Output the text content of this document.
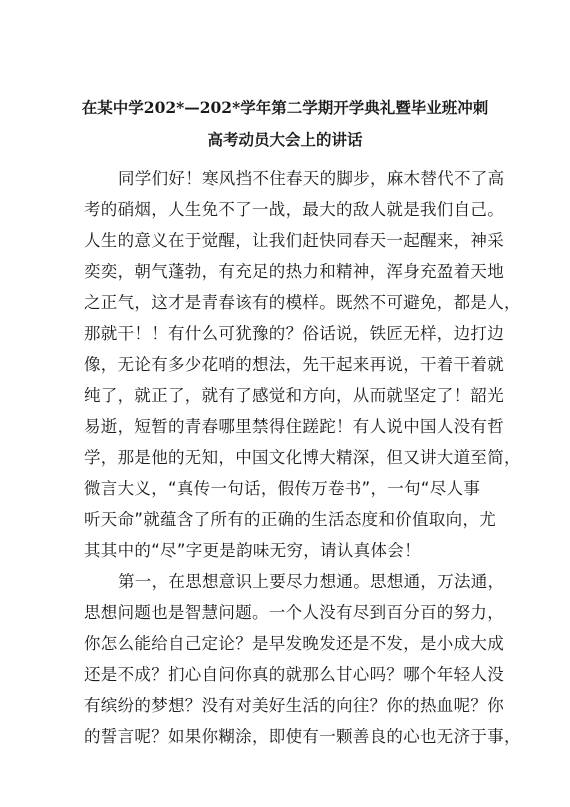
在某中学202*—202*学年第二学期开学典礼暨毕业班冲刺
高考动员大会上的讲话
同学们好！寒风挡不住春天的脚步，麻木替代不了高
考的硝烟，人生免不了一战，最大的敌人就是我们自己。
人生的意义在于觉醒，让我们赶快同春天一起醒来，神采
奕奕，朝气蓬勃，有充足的热力和精神，浑身充盈着天地
之正气，这才是青春该有的模样。既然不可避免，都是人，
那就干！！有什么可犹豫的？俗话说，铁匠无样，边打边
像，无论有多少花哨的想法，先干起来再说，干着干着就
纯了，就正了，就有了感觉和方向，从而就坚定了！韶光
易逝，短暂的青春哪里禁得住蹉跎！有人说中国人没有哲
学，那是他的无知，中国文化博大精深，但又讲大道至简，
微言大义，“真传一句话，假传万卷书”，一句“尽人事
听天命”就蕴含了所有的正确的生活态度和价值取向，尤
其其中的“尽”字更是韵味无穷，请认真体会！
第一，在思想意识上要尽力想通。思想通，万法通，
思想问题也是智慧问题。一个人没有尽到百分百的努力，
你怎么能给自己定论？是早发晚发还是不发，是小成大成
还是不成？扪心自问你真的就那么甘心吗？哪个年轻人没
有缤纷的梦想？没有对美好生活的向往？你的热血呢？你
的誓言呢？如果你糊涂，即使有一颗善良的心也无济于事，
